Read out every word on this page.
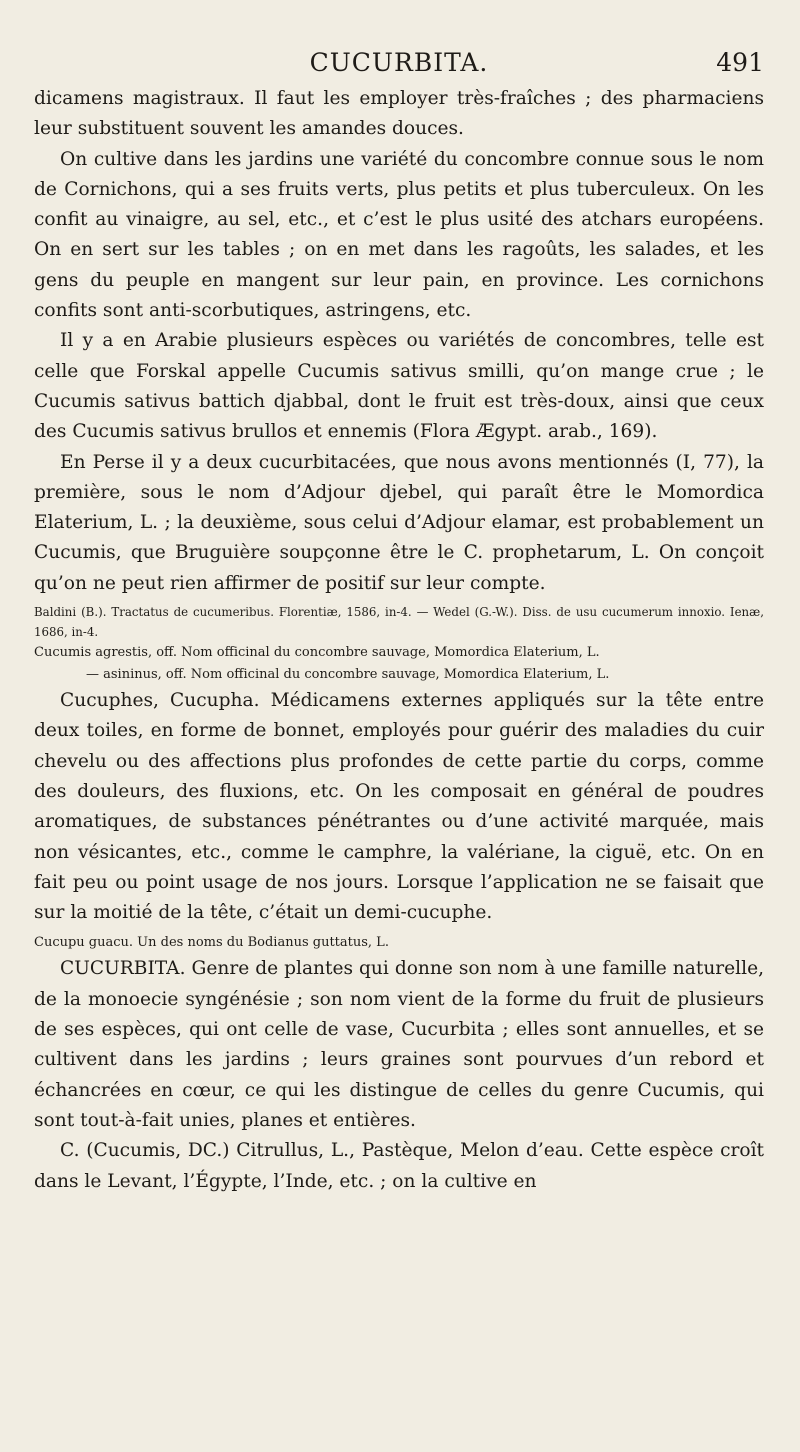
CUCURBITA.	491

dicamens magistraux. Il faut les employer très-fraîches ; des pharmaciens leur substituent souvent les amandes douces.

On cultive dans les jardins une variété du concombre connue sous le nom de Cornichons, qui a ses fruits verts, plus petits et plus tuberculeux. On les confit au vinaigre, au sel, etc., et c’est le plus usité des atchars européens. On en sert sur les tables ; on en met dans les ragoûts, les salades, et les gens du peuple en mangent sur leur pain, en province. Les cornichons confits sont anti-scorbutiques, astringens, etc.

Il y a en Arabie plusieurs espèces ou variétés de concombres, telle est celle que Forskal appelle Cucumis sativus smilli, qu’on mange crue ; le Cucumis sativus battich djabbal, dont le fruit est très-doux, ainsi que ceux des Cucumis sativus brullos et ennemis (Flora Ægypt. arab., 169).

En Perse il y a deux cucurbitacées, que nous avons mentionnés (I, 77), la première, sous le nom d’Adjour djebel, qui paraît être le Momordica Elaterium, L. ; la deuxième, sous celui d’Adjour elamar, est probablement un Cucumis, que Bruguière soupçonne être le C. prophetarum, L. On conçoit qu’on ne peut rien affirmer de positif sur leur compte.

Baldini (B.). Tractatus de cucumeribus. Florentiæ, 1586, in-4. — Wedel (G.-W.). Diss. de usu cucumerum innoxio. Ienæ, 1686, in-4.

Cucumis agrestis, off. Nom officinal du concombre sauvage, Momordica Elaterium, L.

— asininus, off. Nom officinal du concombre sauvage, Momordica Elaterium, L.

Cucuphes, Cucupha. Médicamens externes appliqués sur la tête entre deux toiles, en forme de bonnet, employés pour guérir des maladies du cuir chevelu ou des affections plus profondes de cette partie du corps, comme des douleurs, des fluxions, etc. On les composait en général de poudres aromatiques, de substances pénétrantes ou d’une activité marquée, mais non vésicantes, etc., comme le camphre, la valériane, la ciguë, etc. On en fait peu ou point usage de nos jours. Lorsque l’application ne se faisait que sur la moitié de la tête, c’était un demi-cucuphe.

Cucupu guacu. Un des noms du Bodianus guttatus, L.

CUCURBITA. Genre de plantes qui donne son nom à une famille naturelle, de la monoecie syngénésie ; son nom vient de la forme du fruit de plusieurs de ses espèces, qui ont celle de vase, Cucurbita ; elles sont annuelles, et se cultivent dans les jardins ; leurs graines sont pourvues d’un rebord et échancrées en cœur, ce qui les distingue de celles du genre Cucumis, qui sont tout-à-fait unies, planes et entières.

C. (Cucumis, DC.) Citrullus, L., Pastèque, Melon d’eau. Cette espèce croît dans le Levant, l’Égypte, l’Inde, etc. ; on la cultive en
